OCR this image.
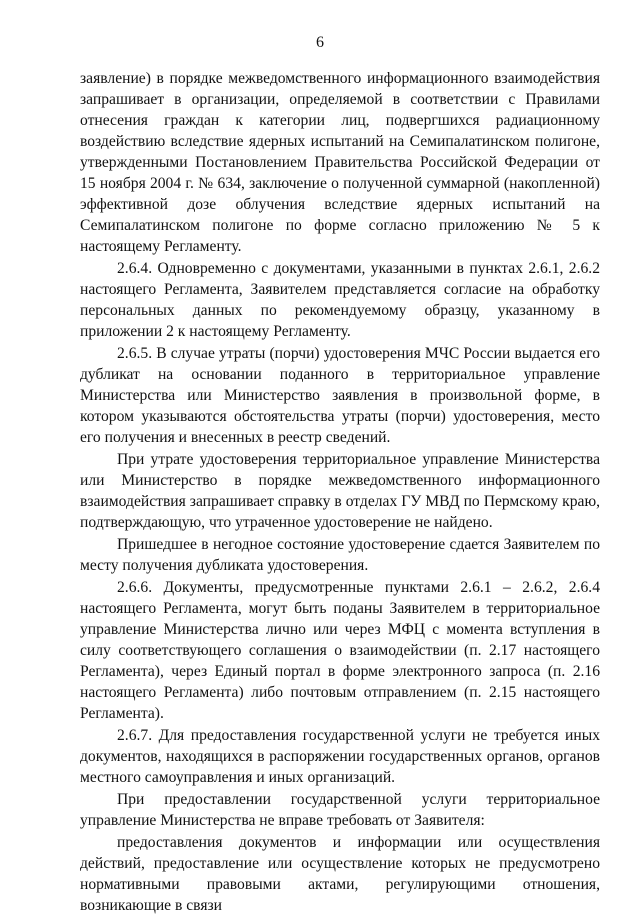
6

заявление) в порядке межведомственного информационного взаимодействия запрашивает в организации, определяемой в соответствии с Правилами отнесения граждан к категории лиц, подвергшихся радиационному воздействию вследствие ядерных испытаний на Семипалатинском полигоне, утвержденными Постановлением Правительства Российской Федерации от 15 ноября 2004 г. № 634, заключение о полученной суммарной (накопленной) эффективной дозе облучения вследствие ядерных испытаний на Семипалатинском полигоне по форме согласно приложению № 5 к настоящему Регламенту.

2.6.4. Одновременно с документами, указанными в пунктах 2.6.1, 2.6.2 настоящего Регламента, Заявителем представляется согласие на обработку персональных данных по рекомендуемому образцу, указанному в приложении 2 к настоящему Регламенту.

2.6.5. В случае утраты (порчи) удостоверения МЧС России выдается его дубликат на основании поданного в территориальное управление Министерства или Министерство заявления в произвольной форме, в котором указываются обстоятельства утраты (порчи) удостоверения, место его получения и внесенных в реестр сведений.

При утрате удостоверения территориальное управление Министерства или Министерство в порядке межведомственного информационного взаимодействия запрашивает справку в отделах ГУ МВД по Пермскому краю, подтверждающую, что утраченное удостоверение не найдено.

Пришедшее в негодное состояние удостоверение сдается Заявителем по месту получения дубликата удостоверения.

2.6.6. Документы, предусмотренные пунктами 2.6.1 – 2.6.2, 2.6.4 настоящего Регламента, могут быть поданы Заявителем в территориальное управление Министерства лично или через МФЦ с момента вступления в силу соответствующего соглашения о взаимодействии (п. 2.17 настоящего Регламента), через Единый портал в форме электронного запроса (п. 2.16 настоящего Регламента) либо почтовым отправлением (п. 2.15 настоящего Регламента).

2.6.7. Для предоставления государственной услуги не требуется иных документов, находящихся в распоряжении государственных органов, органов местного самоуправления и иных организаций.

При предоставлении государственной услуги территориальное управление Министерства не вправе требовать от Заявителя:

предоставления документов и информации или осуществления действий, предоставление или осуществление которых не предусмотрено нормативными правовыми актами, регулирующими отношения, возникающие в связи
